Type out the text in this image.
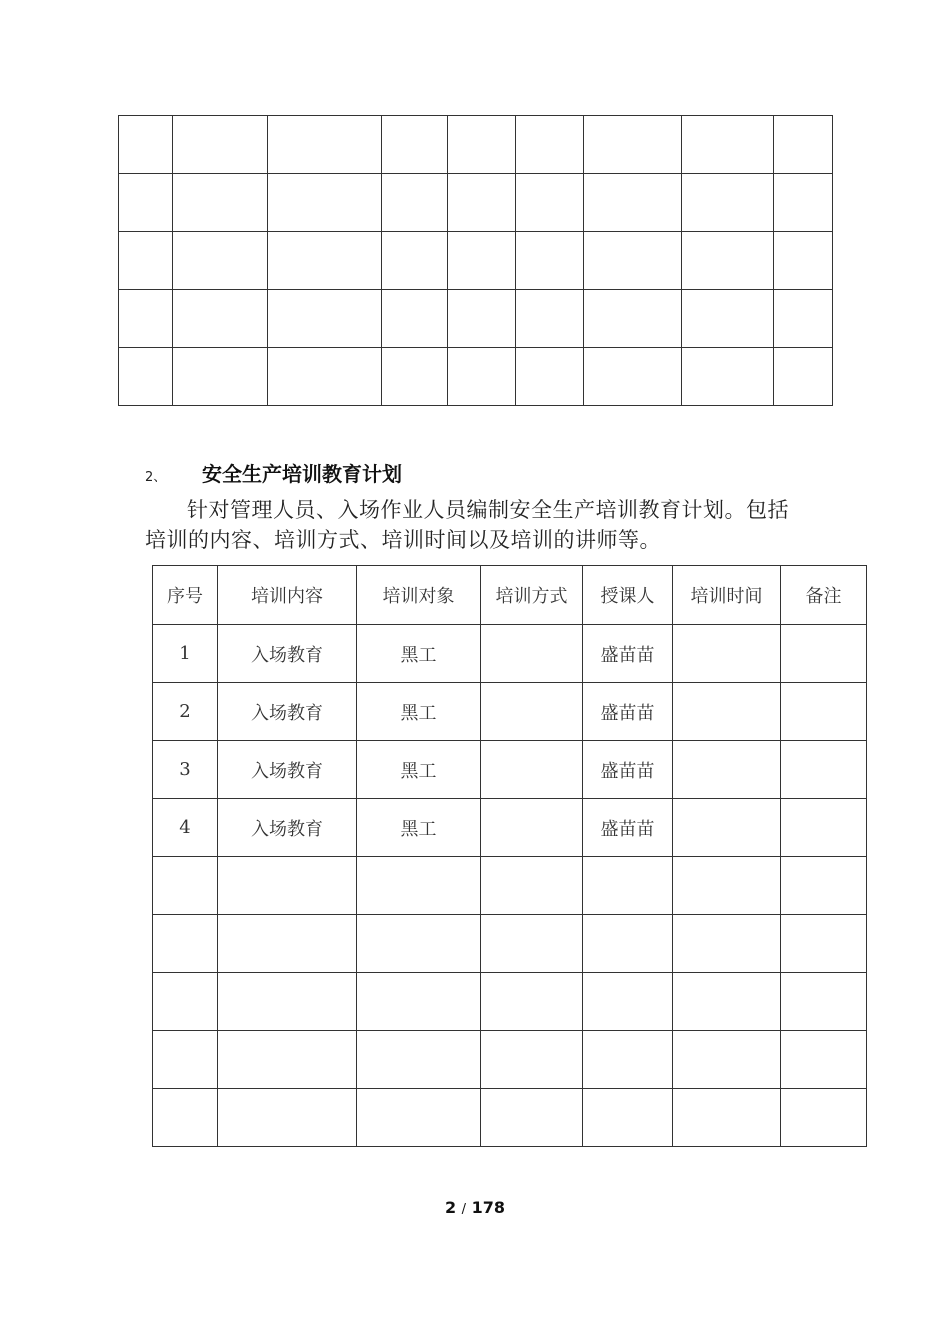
2、	安全生产培训教育计划
针对管理人员、入场作业人员编制安全生产培训教育计划。包括培训的内容、培训方式、培训时间以及培训的讲师等。
序号	培训内容	培训对象	培训方式	授课人	培训时间	备注
1	入场教育	黑工		盛苗苗		
2	入场教育	黑工		盛苗苗		
3	入场教育	黑工		盛苗苗		
4	入场教育	黑工		盛苗苗		

2 / 178
